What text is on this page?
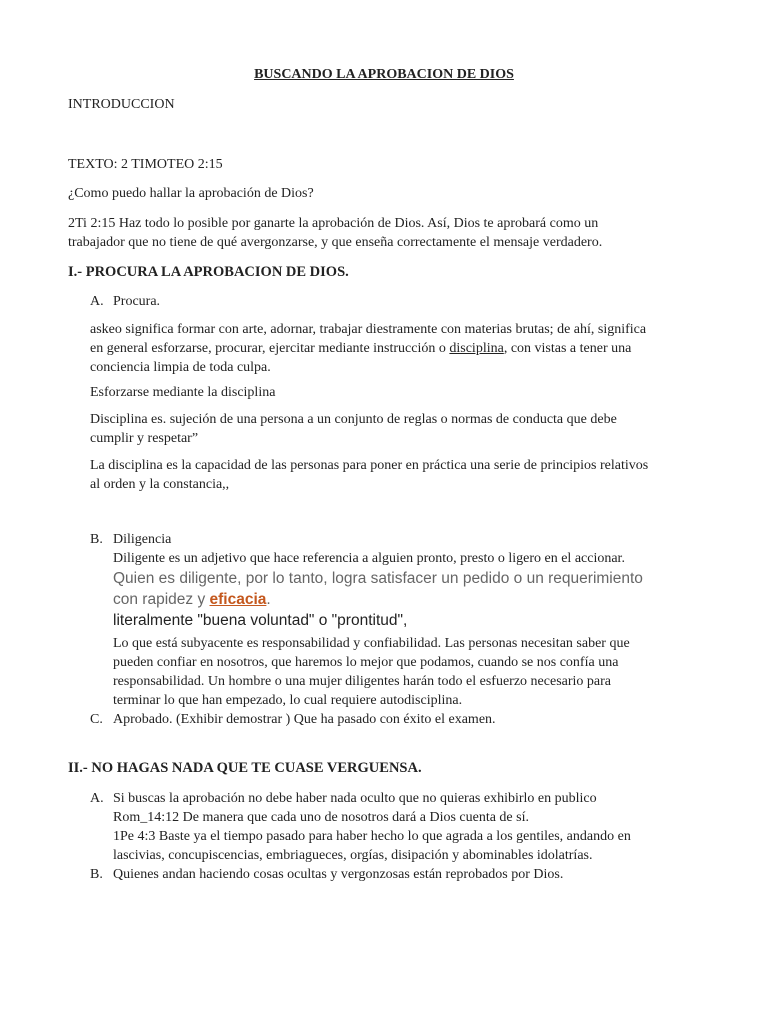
BUSCANDO LA APROBACION DE DIOS
INTRODUCCION
TEXTO: 2 TIMOTEO 2:15
¿Como puedo hallar la aprobación de Dios?
2Ti 2:15 Haz todo lo posible por ganarte la aprobación de Dios. Así, Dios te aprobará como un
trabajador que no tiene de qué avergonzarse, y que enseña correctamente el mensaje verdadero.
I.- PROCURA LA APROBACION DE DIOS.
A. Procura.
askeo significa formar con arte, adornar, trabajar diestramente con materias brutas; de ahí, significa
en general esforzarse, procurar, ejercitar mediante instrucción o disciplina, con vistas a tener una
conciencia limpia de toda culpa.
Esforzarse mediante la disciplina
Disciplina es. sujeción de una persona a un conjunto de reglas o normas de conducta que debe
cumplir y respetar”
La disciplina es la capacidad de las personas para poner en práctica una serie de principios relativos
al orden y la constancia,,
B. Diligencia
Diligente es un adjetivo que hace referencia a alguien pronto, presto o ligero en el accionar.
Quien es diligente, por lo tanto, logra satisfacer un pedido o un requerimiento
con rapidez y eficacia.
literalmente "buena voluntad" o "prontitud",
Lo que está subyacente es responsabilidad y confiabilidad. Las personas necesitan saber que
pueden confiar en nosotros, que haremos lo mejor que podamos, cuando se nos confía una
responsabilidad. Un hombre o una mujer diligentes harán todo el esfuerzo necesario para
terminar lo que han empezado, lo cual requiere autodisciplina.
C. Aprobado. (Exhibir demostrar ) Que ha pasado con éxito el examen.
II.- NO HAGAS NADA QUE TE CUASE VERGUENSA.
A. Si buscas la aprobación no debe haber nada oculto que no quieras exhibirlo en publico
Rom_14:12 De manera que cada uno de nosotros dará a Dios cuenta de sí.
1Pe 4:3 Baste ya el tiempo pasado para haber hecho lo que agrada a los gentiles, andando en
lascivias, concupiscencias, embriagueces, orgías, disipación y abominables idolatrías.
B. Quienes andan haciendo cosas ocultas y vergonzosas están reprobados por Dios.
